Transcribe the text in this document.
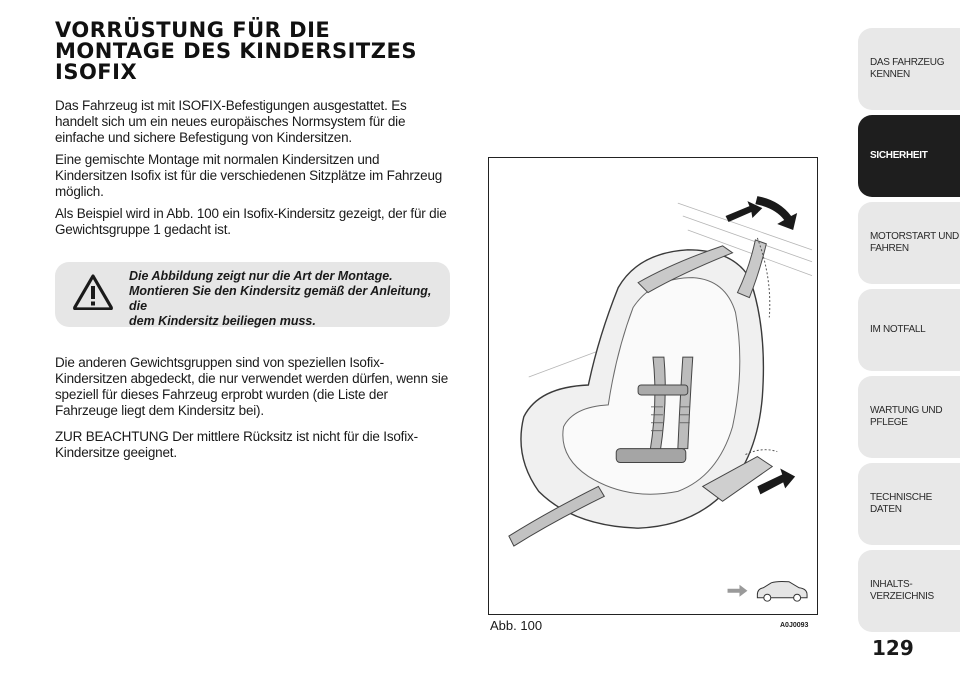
VORRÜSTUNG FÜR DIE
MONTAGE DES KINDERSITZES
ISOFIX

Das Fahrzeug ist mit ISOFIX-Befestigungen ausgestattet. Es handelt sich um ein neues europäisches Normsystem für die einfache und sichere Befestigung von Kindersitzen.

Eine gemischte Montage mit normalen Kindersitzen und Kindersitzen Isofix ist für die verschiedenen Sitzplätze im Fahrzeug möglich.

Als Beispiel wird in Abb. 100 ein Isofix-Kindersitz gezeigt, der für die Gewichtsgruppe 1 gedacht ist.

Die Abbildung zeigt nur die Art der Montage.
Montieren Sie den Kindersitz gemäß der Anleitung, die
dem Kindersitz beiliegen muss.

Die anderen Gewichtsgruppen sind von speziellen Isofix-Kindersitzen abgedeckt, die nur verwendet werden dürfen, wenn sie speziell für dieses Fahrzeug erprobt wurden (die Liste der Fahrzeuge liegt dem Kindersitz bei).

ZUR BEACHTUNG Der mittlere Rücksitz ist nicht für die Isofix-Kindersitze geeignet.

Abb. 100	A0J0093
DAS FAHRZEUG
KENNEN
SICHERHEIT
MOTORSTART UND
FAHREN
IM NOTFALL
WARTUNG UND
PFLEGE
TECHNISCHE DATEN
INHALTS-
VERZEICHNIS
129
